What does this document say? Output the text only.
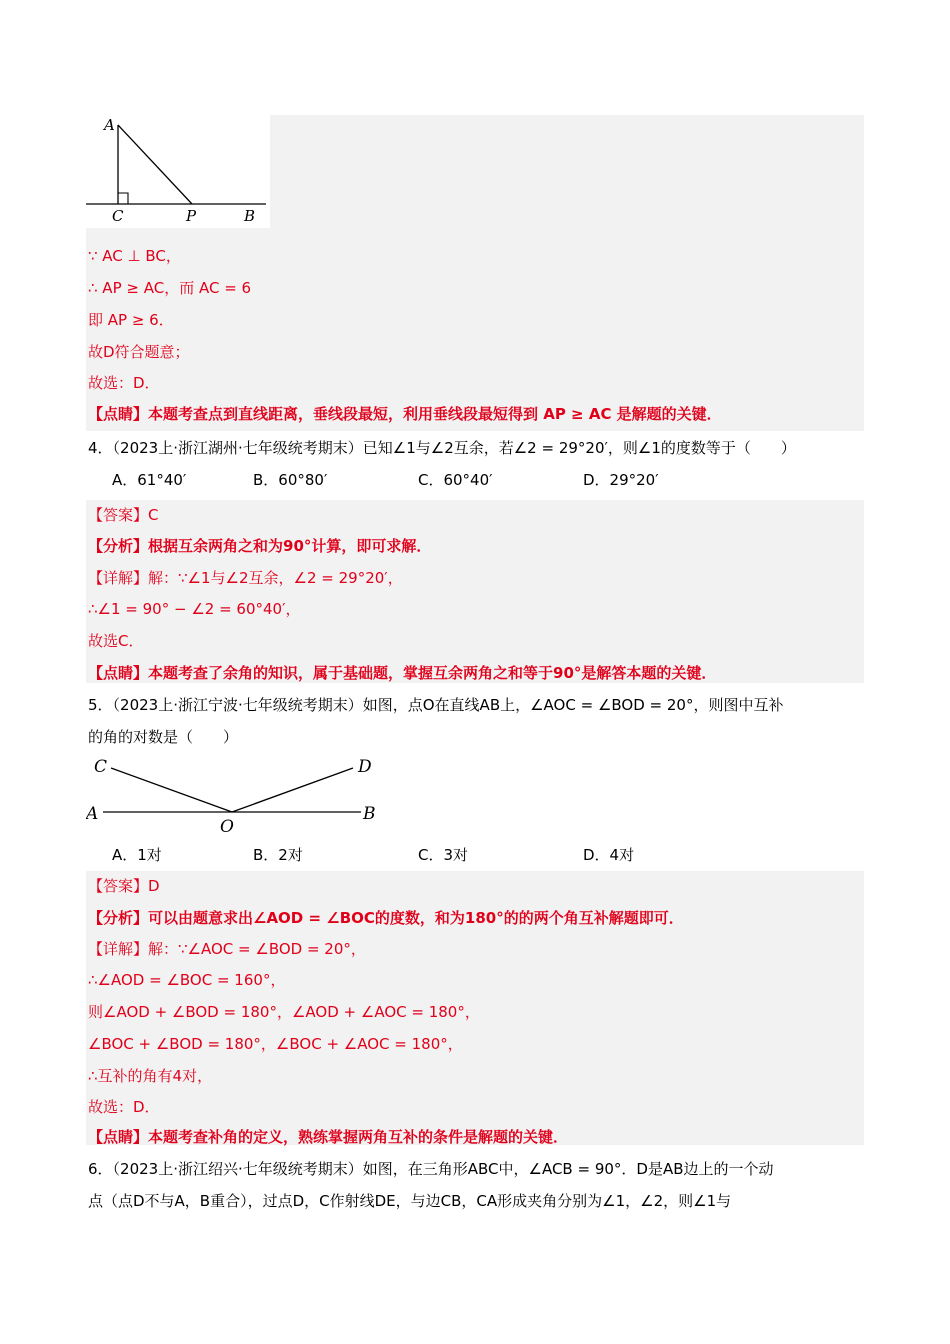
A
C	P	B
∵ AC ⊥ BC，
∴ AP ≥ AC，而 AC = 6
即 AP ≥ 6．
故D符合题意；
故选：D．
【点睛】本题考查点到直线距离，垂线段最短，利用垂线段最短得到 AP ≥ AC 是解题的关键．
4．（2023上·浙江湖州·七年级统考期末）已知∠1与∠2互余，若∠2 = 29°20′，则∠1的度数等于（　　）
A．61°40′	B．60°80′	C．60°40′	D．29°20′
【答案】C
【分析】根据互余两角之和为90°计算，即可求解．
【详解】解：∵∠1与∠2互余，∠2 = 29°20′，
∴∠1 = 90° − ∠2 = 60°40′，
故选C．
【点睛】本题考查了余角的知识，属于基础题，掌握互余两角之和等于90°是解答本题的关键．
5．（2023上·浙江宁波·七年级统考期末）如图，点O在直线AB上，∠AOC = ∠BOD = 20°，则图中互补
的角的对数是（　　）
C	D
A
O
B
A．1对	B．2对	C．3对	D．4对
【答案】D
【分析】可以由题意求出∠AOD = ∠BOC的度数，和为180°的的两个角互补解题即可．
【详解】解：∵∠AOC = ∠BOD = 20°，
∴∠AOD = ∠BOC = 160°，
则∠AOD + ∠BOD = 180°，∠AOD + ∠AOC = 180°，
∠BOC + ∠BOD = 180°，∠BOC + ∠AOC = 180°，
∴互补的角有4对，
故选：D．
【点睛】本题考查补角的定义，熟练掌握两角互补的条件是解题的关键．
6．（2023上·浙江绍兴·七年级统考期末）如图，在三角形ABC中，∠ACB = 90°．D是AB边上的一个动
点（点D不与A，B重合），过点D，C作射线DE，与边CB，CA形成夹角分别为∠1，∠2，则∠1与
